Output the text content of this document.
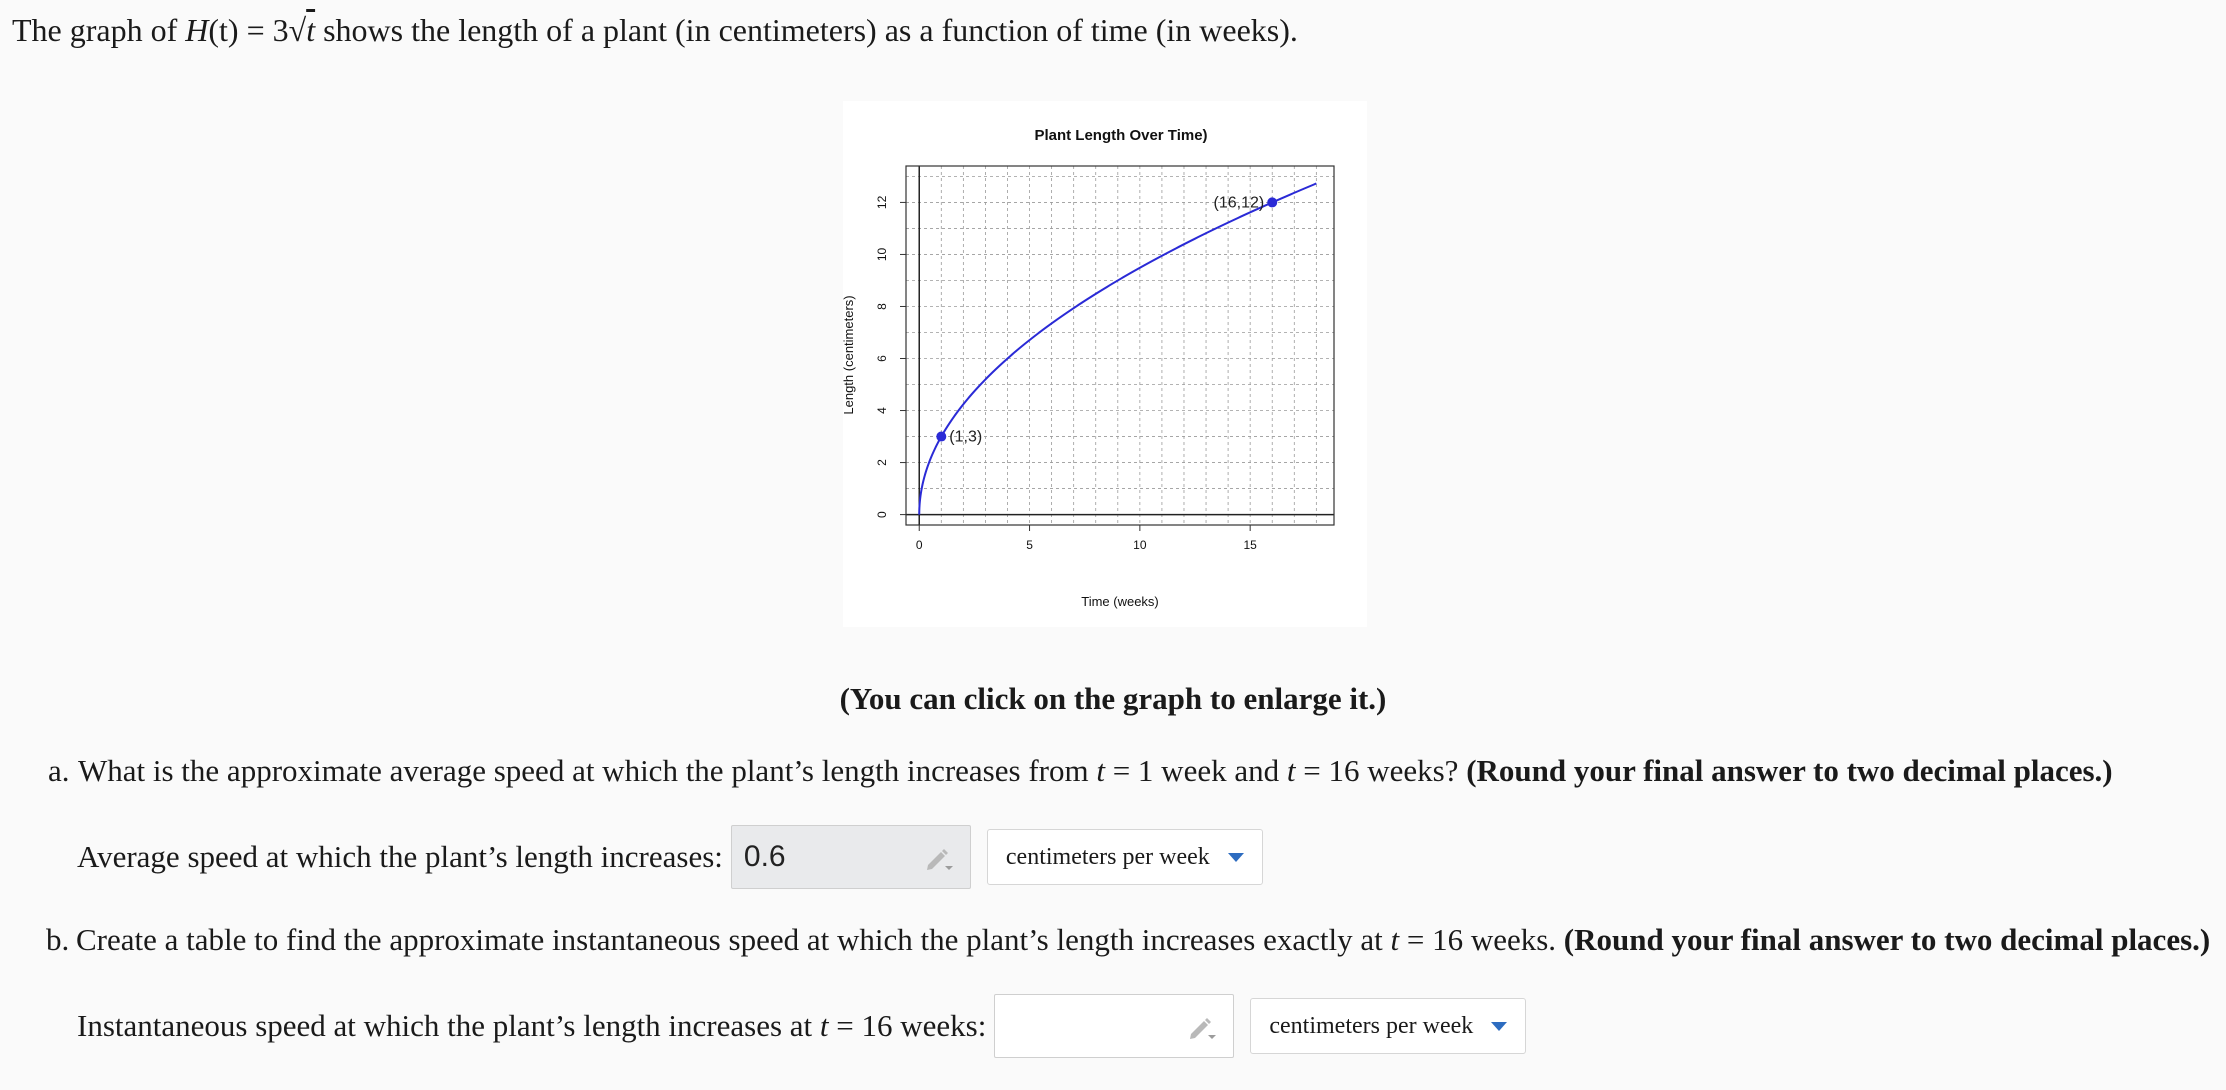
The graph of H(t) = 3√t shows the length of a plant (in centimeters) as a function of time (in weeks).
Plant Length Over Time)
0	5	10	15
0
2
4
6
8
10
12
(1,3)
(16,12)
Time (weeks)
Length (centimeters)
(You can click on the graph to enlarge it.)
a. What is the approximate average speed at which the plant’s length increases from t = 1 week and t = 16 weeks? (Round your final answer to two decimal places.)
Average speed at which the plant’s length increases: 0.6	centimeters per week
b. Create a table to find the approximate instantaneous speed at which the plant’s length increases exactly at t = 16 weeks. (Round your final answer to two decimal places.)
Instantaneous speed at which the plant’s length increases at t = 16 weeks:	centimeters per week
